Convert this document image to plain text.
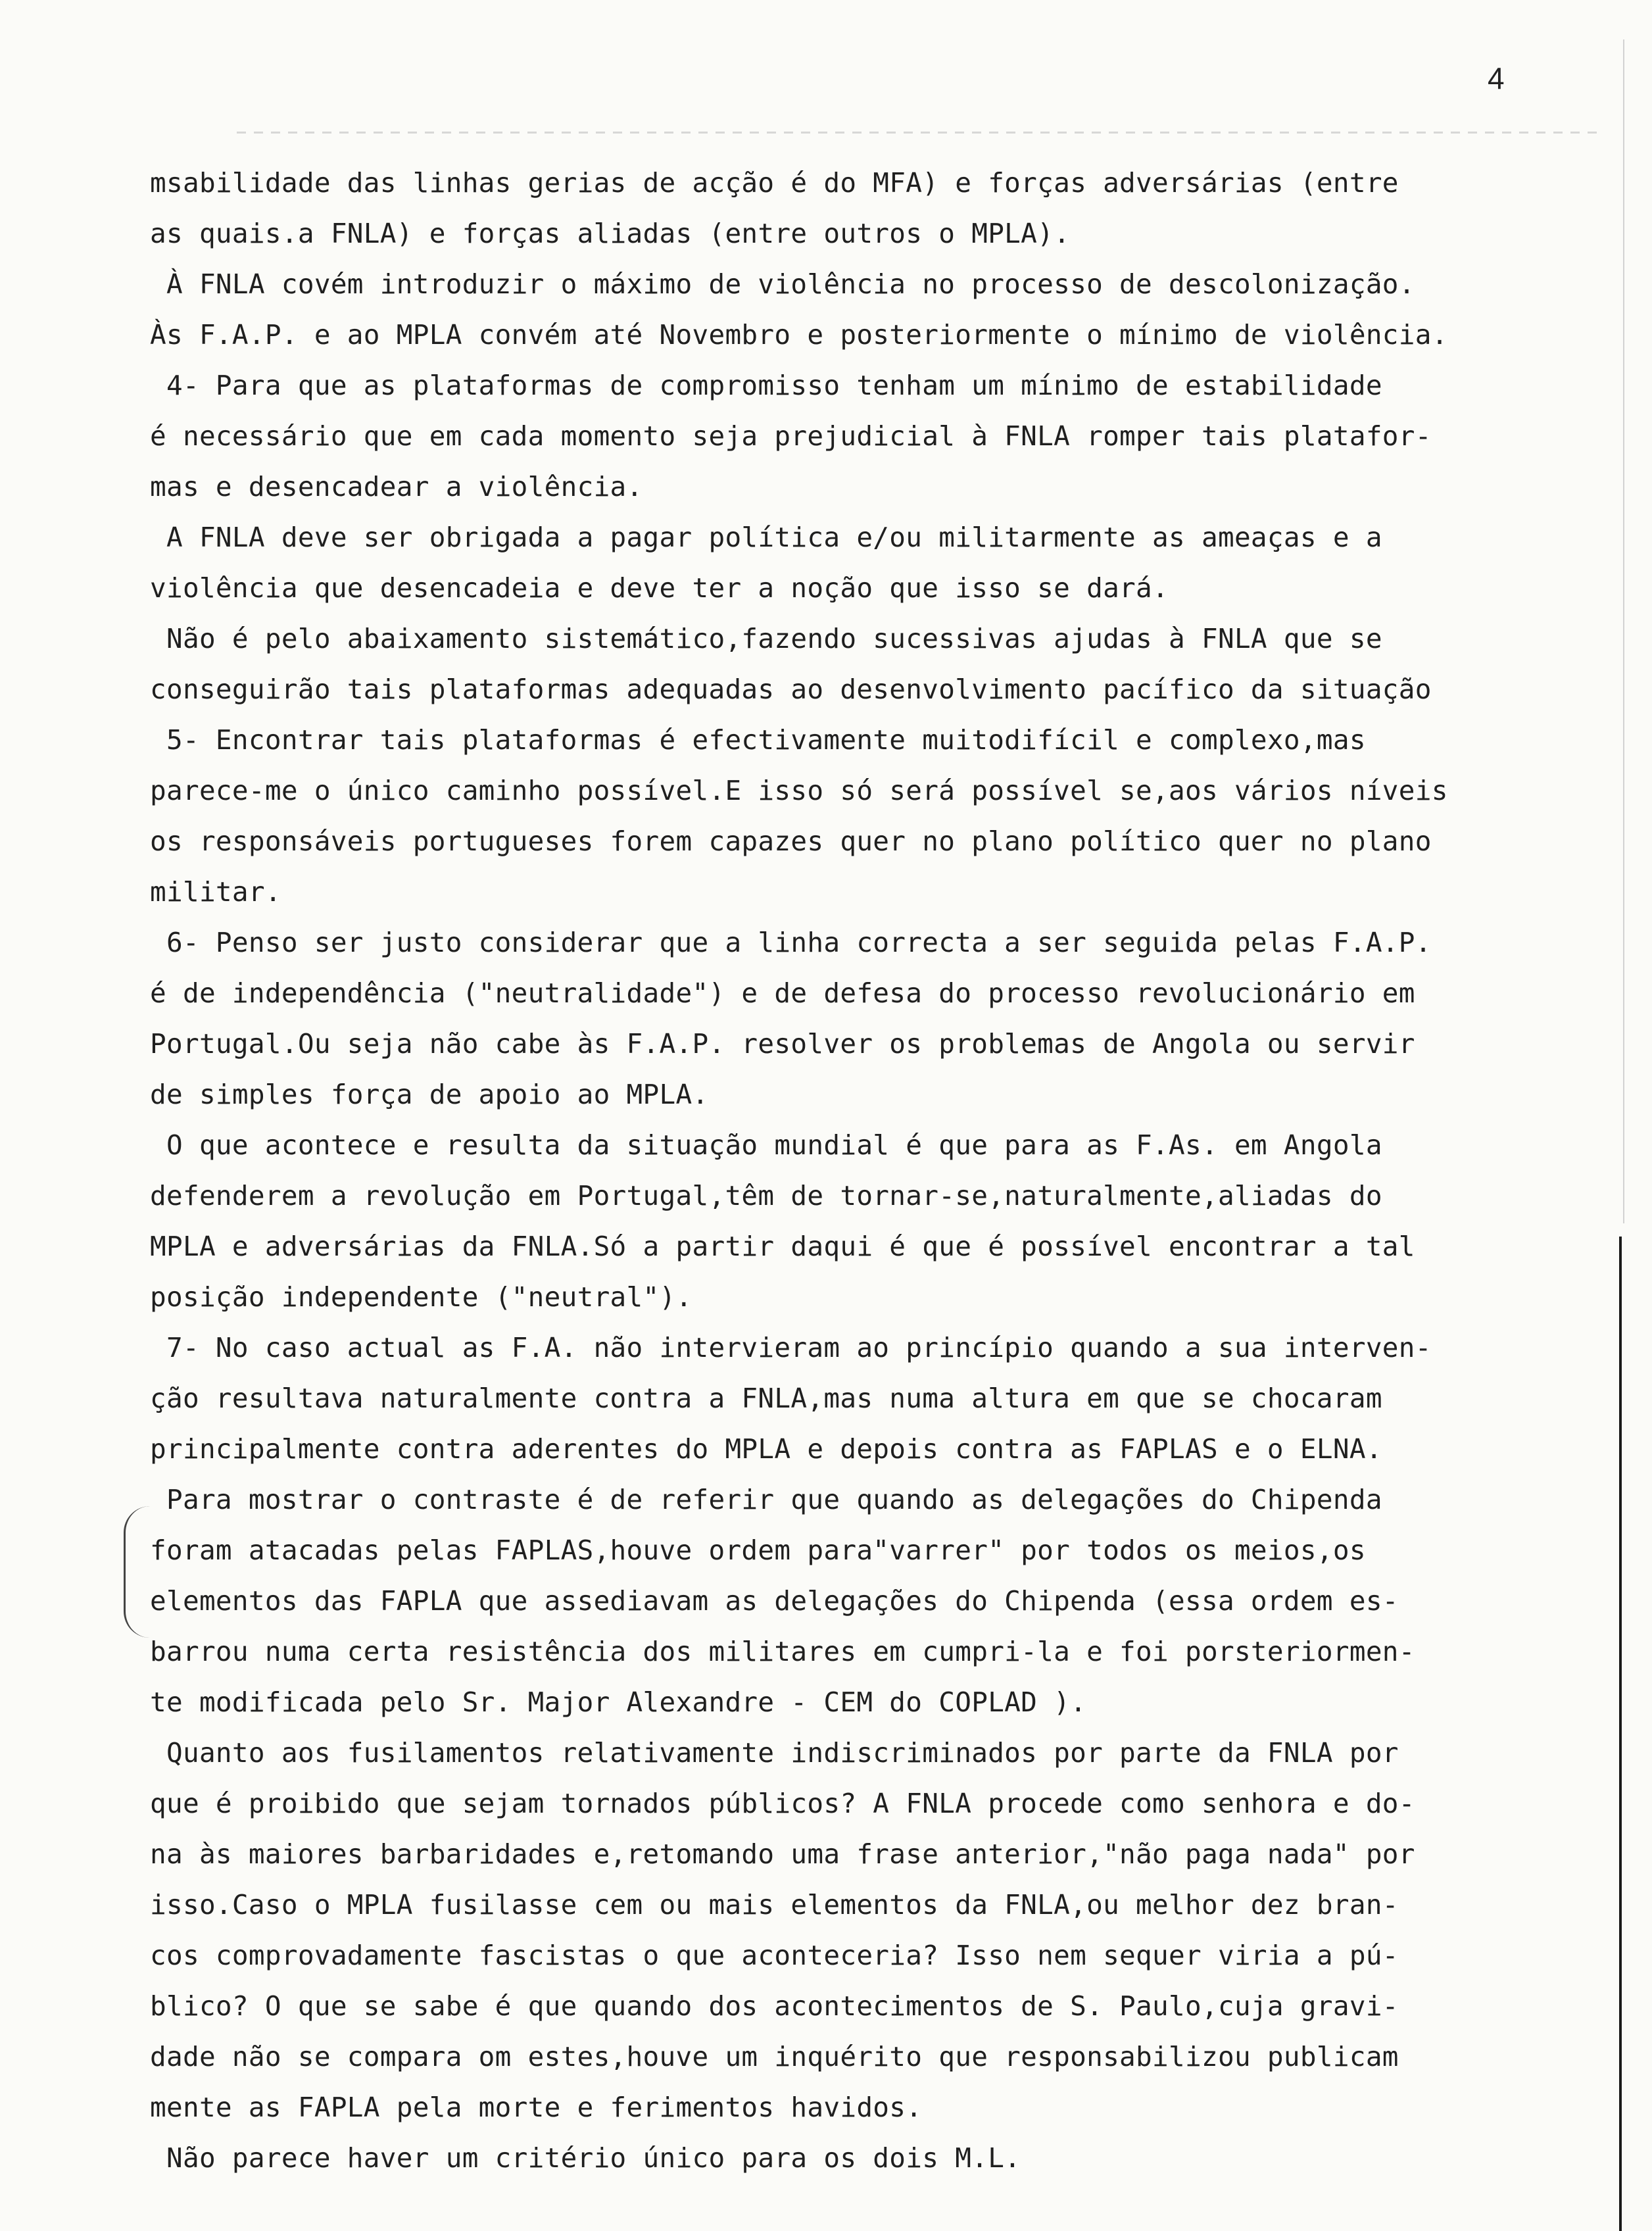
4
msabilidade das linhas gerias de acção é do MFA) e forças adversárias (entre
as quais.a FNLA) e forças aliadas (entre outros o MPLA).
À FNLA covém introduzir o máximo de violência no processo de descolonização.
Às F.A.P. e ao MPLA convém até Novembro e posteriormente o mínimo de violência.
4- Para que as plataformas de compromisso tenham um mínimo de estabilidade
é necessário que em cada momento seja prejudicial à FNLA romper tais platafor-
mas e desencadear a violência.
A FNLA deve ser obrigada a pagar política e/ou militarmente as ameaças e a
violência que desencadeia e deve ter a noção que isso se dará.
Não é pelo abaixamento sistemático,fazendo sucessivas ajudas à FNLA que se
conseguirão tais plataformas adequadas ao desenvolvimento pacífico da situação
5- Encontrar tais plataformas é efectivamente muitodifícil e complexo,mas
parece-me o único caminho possível.E isso só será possível se,aos vários níveis
os responsáveis portugueses forem capazes quer no plano político quer no plano
militar.
6- Penso ser justo considerar que a linha correcta a ser seguida pelas F.A.P.
é de independência ("neutralidade") e de defesa do processo revolucionário em
Portugal.Ou seja não cabe às F.A.P. resolver os problemas de Angola ou servir
de simples força de apoio ao MPLA.
O que acontece e resulta da situação mundial é que para as F.As. em Angola
defenderem a revolução em Portugal,têm de tornar-se,naturalmente,aliadas do
MPLA e adversárias da FNLA.Só a partir daqui é que é possível encontrar a tal
posição independente ("neutral").
7- No caso actual as F.A. não intervieram ao princípio quando a sua interven-
ção resultava naturalmente contra a FNLA,mas numa altura em que se chocaram
principalmente contra aderentes do MPLA e depois contra as FAPLAS e o ELNA.
Para mostrar o contraste é de referir que quando as delegações do Chipenda
foram atacadas pelas FAPLAS,houve ordem para"varrer" por todos os meios,os
elementos das FAPLA que assediavam as delegações do Chipenda (essa ordem es-
barrou numa certa resistência dos militares em cumpri-la e foi porsteriormen-
te modificada pelo Sr. Major Alexandre - CEM do COPLAD ).
Quanto aos fusilamentos relativamente indiscriminados por parte da FNLA por
que é proibido que sejam tornados públicos? A FNLA procede como senhora e do-
na às maiores barbaridades e,retomando uma frase anterior,"não paga nada" por
isso.Caso o MPLA fusilasse cem ou mais elementos da FNLA,ou melhor dez bran-
cos comprovadamente fascistas o que aconteceria? Isso nem sequer viria a pú-
blico? O que se sabe é que quando dos acontecimentos de S. Paulo,cuja gravi-
dade não se compara om estes,houve um inquérito que responsabilizou publicam
mente as FAPLA pela morte e ferimentos havidos.
Não parece haver um critério único para os dois M.L.
